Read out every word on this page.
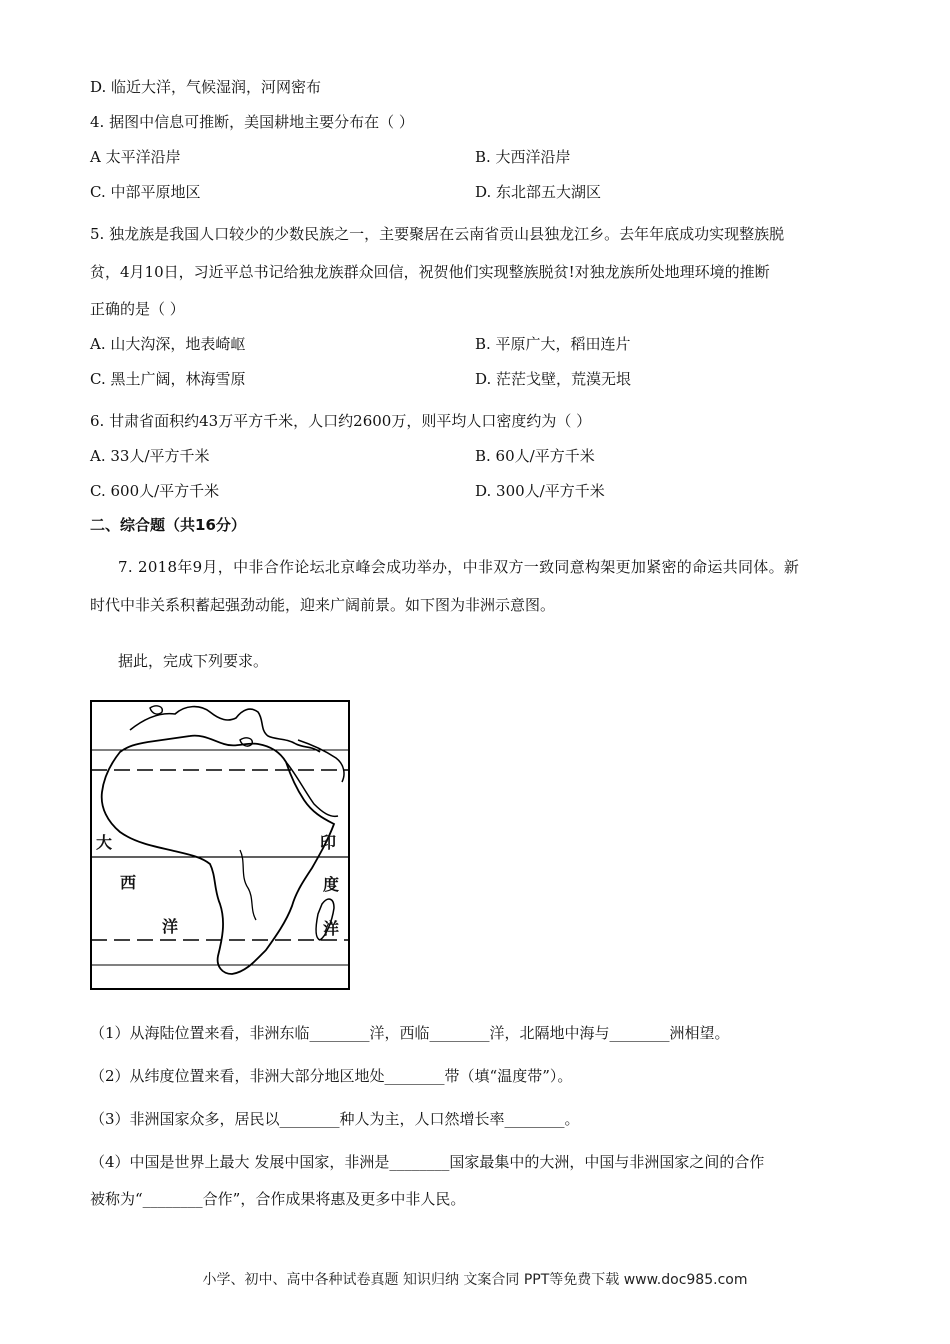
D. 临近大洋，气候湿润，河网密布
4. 据图中信息可推断，美国耕地主要分布在（ ）
A 太平洋沿岸	B. 大西洋沿岸
C. 中部平原地区	D. 东北部五大湖区
5. 独龙族是我国人口较少的少数民族之一，主要聚居在云南省贡山县独龙江乡。去年年底成功实现整族脱
贫，4月10日，习近平总书记给独龙族群众回信，祝贺他们实现整族脱贫!对独龙族所处地理环境的推断
正确的是（ ）
A. 山大沟深，地表崎岖	B. 平原广大，稻田连片
C. 黑土广阔，林海雪原	D. 茫茫戈壁，荒漠无垠
6. 甘肃省面积约43万平方千米，人口约2600万，则平均人口密度约为（ ）
A. 33人/平方千米	B. 60人/平方千米
C. 600人/平方千米	D. 300人/平方千米
二、综合题（共16分）
7. 2018年9月，中非合作论坛北京峰会成功举办，中非双方一致同意构架更加紧密的命运共同体。新
时代中非关系积蓄起强劲动能，迎来广阔前景。如下图为非洲示意图。
据此，完成下列要求。
大
西
洋
印
度
洋
（1）从海陆位置来看，非洲东临________洋，西临________洋，北隔地中海与________洲相望。
（2）从纬度位置来看，非洲大部分地区地处________带（填“温度带”）。
（3）非洲国家众多，居民以________种人为主，人口然增长率________。
（4）中国是世界上最大 发展中国家，非洲是________国家最集中的大洲，中国与非洲国家之间的合作
被称为“________合作”，合作成果将惠及更多中非人民。
小学、初中、高中各种试卷真题 知识归纳 文案合同 PPT等免费下载 www.doc985.com
